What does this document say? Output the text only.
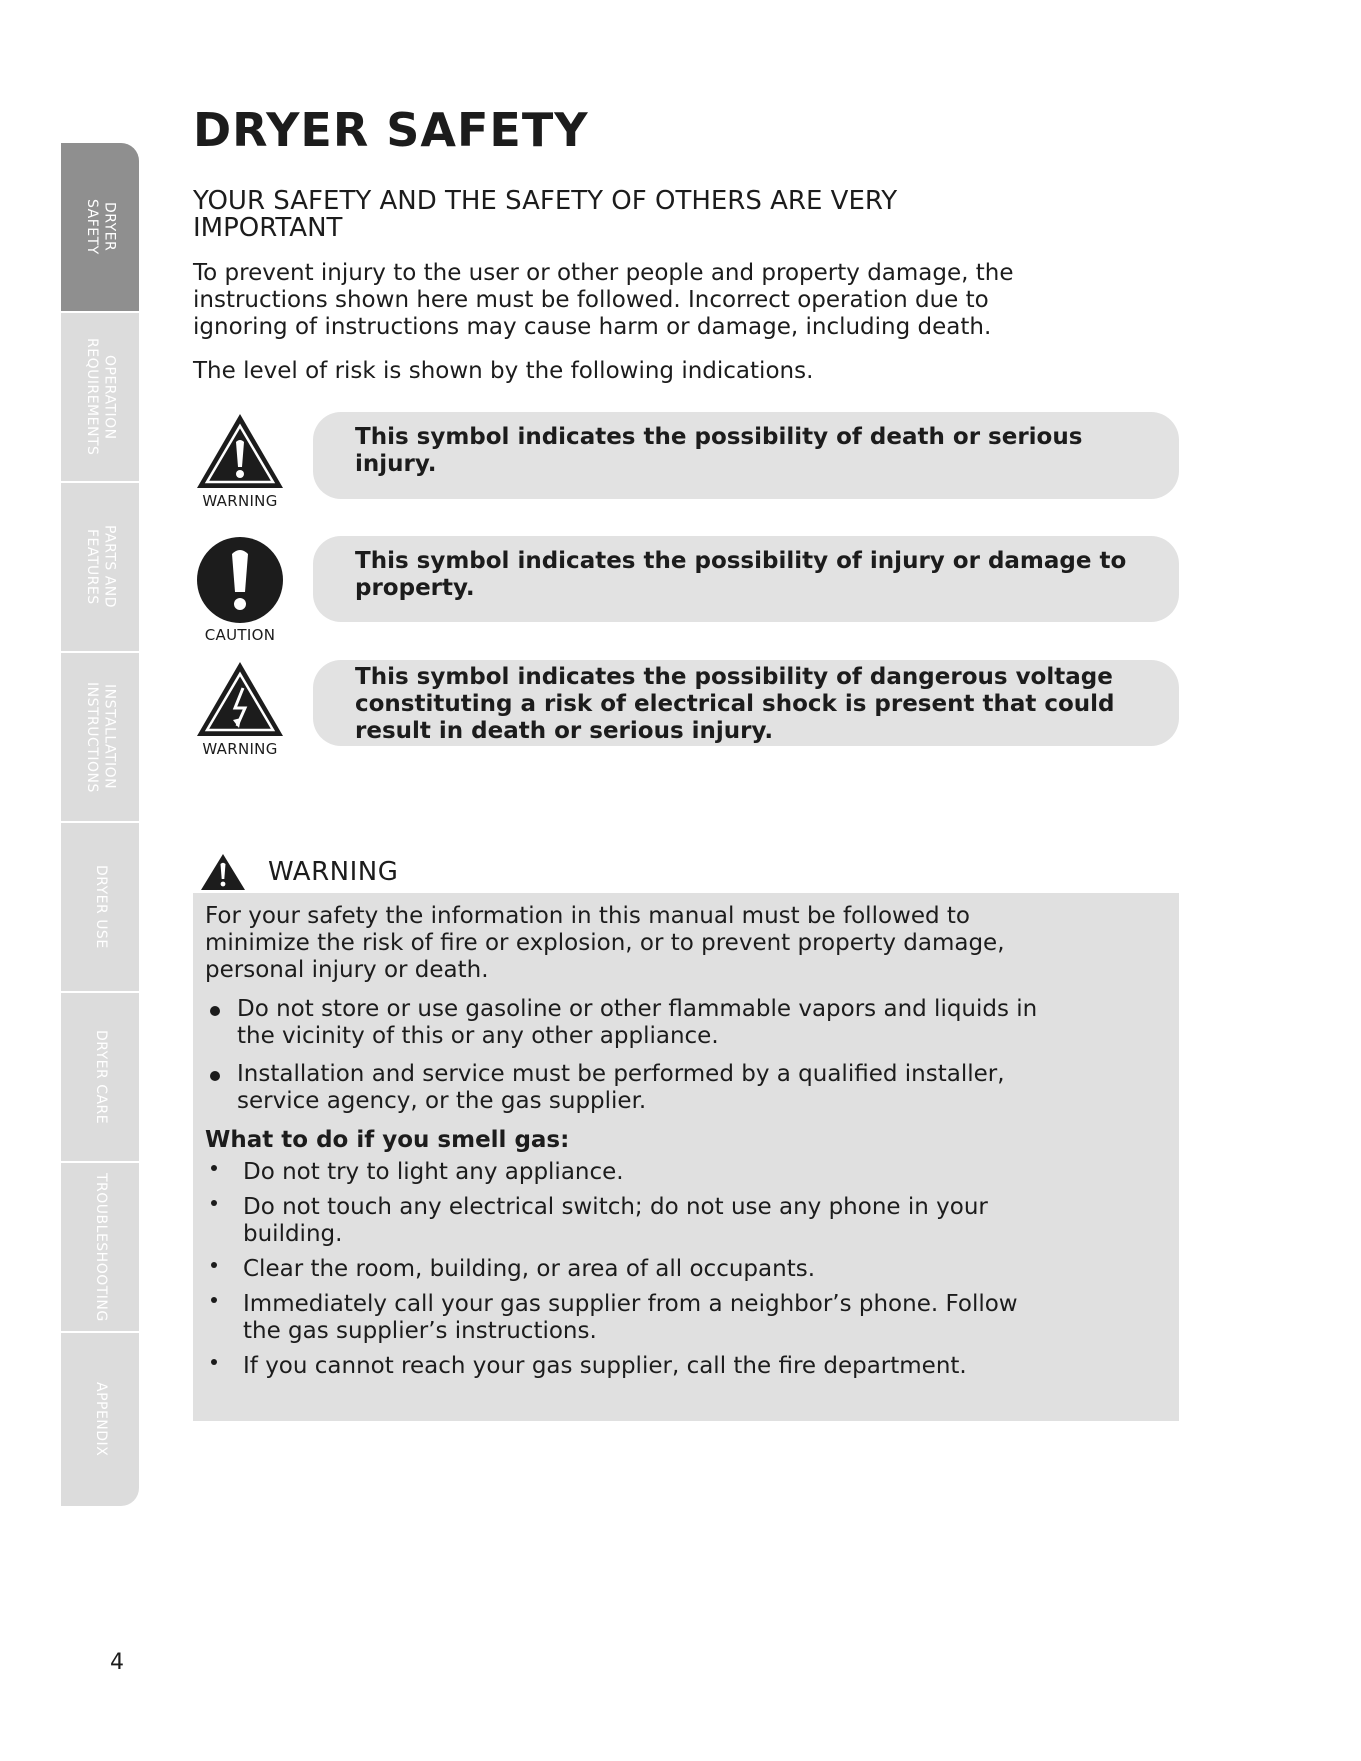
DRYER
SAFETY
OPERATION
REQUIREMENTS
PARTS AND
FEATURES
INSTALLATION
INSTRUCTIONS
DRYER USE
DRYER CARE
TROUBLESHOOTING
APPENDIX
DRYER SAFETY
YOUR SAFETY AND THE SAFETY OF OTHERS ARE VERY
IMPORTANT

To prevent injury to the user or other people and property damage, the
instructions shown here must be followed. Incorrect operation due to
ignoring of instructions may cause harm or damage, including death.

The level of risk is shown by the following indications.

WARNING
This symbol indicates the possibility of death or serious
injury.
CAUTION
This symbol indicates the possibility of injury or damage to
property.
WARNING
This symbol indicates the possibility of dangerous voltage
constituting a risk of electrical shock is present that could
result in death or serious injury.
WARNING

For your safety the information in this manual must be followed to
minimize the risk of fire or explosion, or to prevent property damage,
personal injury or death.

Do not store or use gasoline or other flammable vapors and liquids in
the vicinity of this or any other appliance.
Installation and service must be performed by a qualified installer,
service agency, or the gas supplier.
What to do if you smell gas:
Do not try to light any appliance.
Do not touch any electrical switch; do not use any phone in your
building.
Clear the room, building, or area of all occupants.
Immediately call your gas supplier from a neighbor’s phone. Follow
the gas supplier’s instructions.
If you cannot reach your gas supplier, call the fire department.
4
